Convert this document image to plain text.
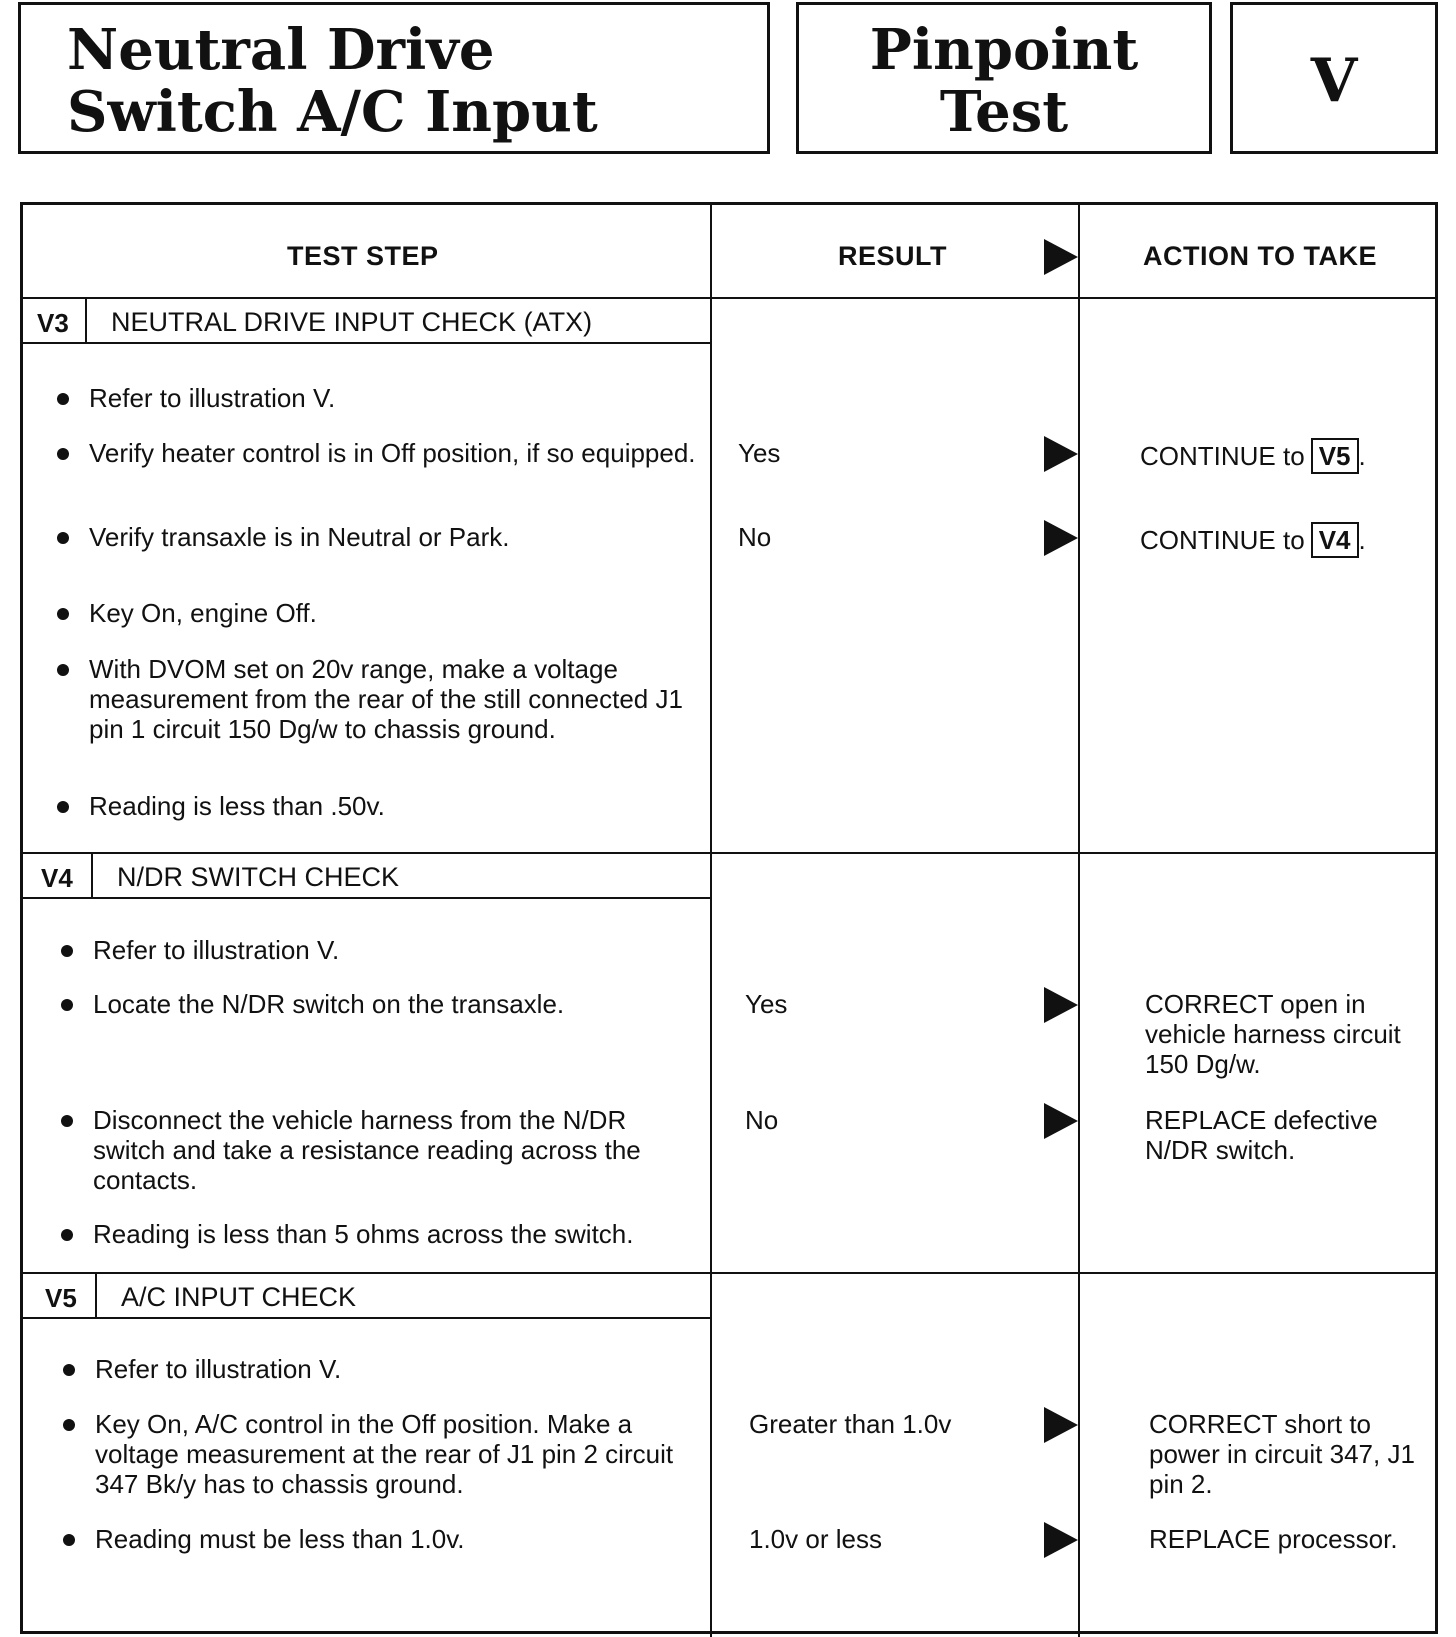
Neutral Drive
Switch A/C Input
Pinpoint
Test	V
TEST STEP	RESULT	ACTION TO TAKE
V3 NEUTRAL DRIVE INPUT CHECK (ATX)
Refer to illustration V.
Verify heater control is in Off position, if so equipped.
Verify transaxle is in Neutral or Park.
Key On, engine Off.
With DVOM set on 20v range, make a voltage measurement from the rear of the still connected J1 pin 1 circuit 150 Dg/w to chassis ground.
Reading is less than .50v.
Yes	CONTINUE to V5 .
No	CONTINUE to V4 .
V4 N/DR SWITCH CHECK
Refer to illustration V.
Locate the N/DR switch on the transaxle.
Disconnect the vehicle harness from the N/DR switch and take a resistance reading across the contacts.
Reading is less than 5 ohms across the switch.
Yes	CORRECT open in vehicle harness circuit 150 Dg/w.
No	REPLACE defective N/DR switch.
V5 A/C INPUT CHECK
Refer to illustration V.
Key On, A/C control in the Off position. Make a voltage measurement at the rear of J1 pin 2 circuit 347 Bk/y has to chassis ground.
Reading must be less than 1.0v.
Greater than 1.0v	CORRECT short to power in circuit 347, J1 pin 2.
1.0v or less	REPLACE processor.
